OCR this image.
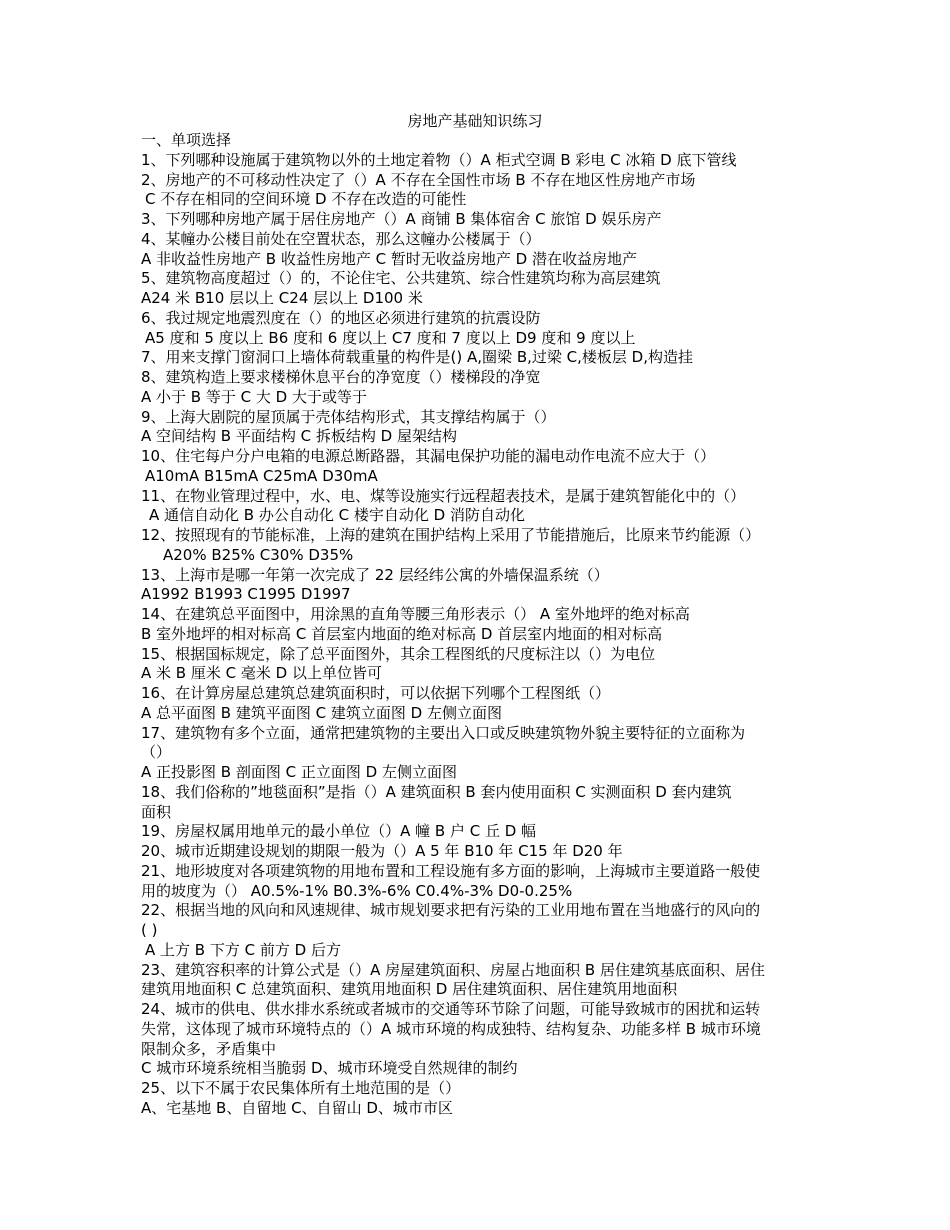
房地产基础知识练习
一、单项选择
1、下列哪种设施属于建筑物以外的土地定着物（）A 柜式空调 B 彩电 C 冰箱 D 底下管线
2、房地产的不可移动性决定了（）A 不存在全国性市场 B 不存在地区性房地产市场
C 不存在相同的空间环境 D 不存在改造的可能性
3、下列哪种房地产属于居住房地产（）A 商铺 B 集体宿舍 C 旅馆 D 娱乐房产
4、某幢办公楼目前处在空置状态，那么这幢办公楼属于（）
A 非收益性房地产 B 收益性房地产 C 暂时无收益房地产 D 潜在收益房地产
5、建筑物高度超过（）的，不论住宅、公共建筑、综合性建筑均称为高层建筑
A24 米 B10 层以上 C24 层以上 D100 米
6、我过规定地震烈度在（）的地区必须进行建筑的抗震设防
A5 度和 5 度以上 B6 度和 6 度以上 C7 度和 7 度以上 D9 度和 9 度以上
7、用来支撑门窗洞口上墙体荷载重量的构件是() A,圈梁 B,过梁 C,楼板层 D,构造挂
8、建筑构造上要求楼梯休息平台的净宽度（）楼梯段的净宽
A 小于 B 等于 C 大 D 大于或等于
9、上海大剧院的屋顶属于壳体结构形式，其支撑结构属于（）
A 空间结构 B 平面结构 C 拆板结构 D 屋架结构
10、住宅每户分户电箱的电源总断路器，其漏电保护功能的漏电动作电流不应大于（）
A10mA B15mA C25mA D30mA
11、在物业管理过程中，水、电、煤等设施实行远程超表技术，是属于建筑智能化中的（）
A 通信自动化 B 办公自动化 C 楼宇自动化 D 消防自动化
12、按照现有的节能标准，上海的建筑在围护结构上采用了节能措施后，比原来节约能源（）
A20% B25% C30% D35%
13、上海市是哪一年第一次完成了 22 层经纬公寓的外墙保温系统（）
A1992 B1993 C1995 D1997
14、在建筑总平面图中，用涂黑的直角等腰三角形表示（） A 室外地坪的绝对标高
B 室外地坪的相对标高 C 首层室内地面的绝对标高 D 首层室内地面的相对标高
15、根据国标规定，除了总平面图外，其余工程图纸的尺度标注以（）为电位
A 米 B 厘米 C 毫米 D 以上单位皆可
16、在计算房屋总建筑总建筑面积时，可以依据下列哪个工程图纸（）
A 总平面图 B 建筑平面图 C 建筑立面图 D 左侧立面图
17、建筑物有多个立面，通常把建筑物的主要出入口或反映建筑物外貌主要特征的立面称为
（）
A 正投影图 B 剖面图 C 正立面图 D 左侧立面图
18、我们俗称的”地毯面积”是指（）A 建筑面积 B 套内使用面积 C 实测面积 D 套内建筑
面积
19、房屋权属用地单元的最小单位（）A 幢 B 户 C 丘 D 幅
20、城市近期建设规划的期限一般为（）A 5 年 B10 年 C15 年 D20 年
21、地形坡度对各项建筑物的用地布置和工程设施有多方面的影响，上海城市主要道路一般使
用的坡度为（） A0.5%-1% B0.3%-6% C0.4%-3% D0-0.25%
22、根据当地的风向和风速规律、城市规划要求把有污染的工业用地布置在当地盛行的风向的
( )
A 上方 B 下方 C 前方 D 后方
23、建筑容积率的计算公式是（）A 房屋建筑面积、房屋占地面积 B 居住建筑基底面积、居住
建筑用地面积 C 总建筑面积、建筑用地面积 D 居住建筑面积、居住建筑用地面积
24、城市的供电、供水排水系统或者城市的交通等环节除了问题，可能导致城市的困扰和运转
失常，这体现了城市环境特点的（）A 城市环境的构成独特、结构复杂、功能多样 B 城市环境
限制众多，矛盾集中
C 城市环境系统相当脆弱 D、城市环境受自然规律的制约
25、以下不属于农民集体所有土地范围的是（）
A、宅基地 B、自留地 C、自留山 D、城市市区
